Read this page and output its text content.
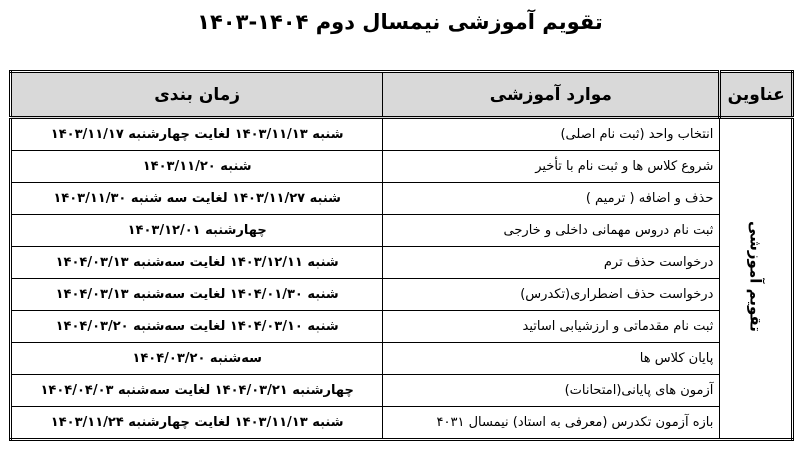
تقویم آموزشی نیمسال دوم ۱۴۰۴-۱۴۰۳
عناوین	موارد آموزشی	زمان بندی
تقویم آموزشی	انتخاب واحد (ثبت نام اصلی)	شنبه ۱۴۰۳/۱۱/۱۳ لغایت چهارشنبه ۱۴۰۳/۱۱/۱۷
	شروع کلاس ها و ثبت نام با تأخیر	شنبه ۱۴۰۳/۱۱/۲۰
	حذف و اضافه ( ترمیم )	شنبه ۱۴۰۳/۱۱/۲۷ لغایت سه شنبه ۱۴۰۳/۱۱/۳۰
	ثبت نام دروس مهمانی داخلی و خارجی	چهارشنبه ۱۴۰۳/۱۲/۰۱
	درخواست حذف ترم	شنبه ۱۴۰۳/۱۲/۱۱ لغایت سه‌شنبه ۱۴۰۴/۰۳/۱۳
	درخواست حذف اضطراری(تکدرس)	شنبه ۱۴۰۴/۰۱/۳۰ لغایت سه‌شنبه ۱۴۰۴/۰۳/۱۳
	ثبت نام مقدماتی و ارزشیابی اساتید	شنبه ۱۴۰۴/۰۳/۱۰ لغایت سه‌شنبه ۱۴۰۴/۰۳/۲۰
	پایان کلاس ها	سه‌شنبه ۱۴۰۴/۰۳/۲۰
	آزمون های پایانی(امتحانات)	چهارشنبه ۱۴۰۴/۰۳/۲۱ لغایت سه‌شنبه ۱۴۰۴/۰۴/۰۳
	بازه آزمون تکدرس (معرفی به استاد) نیمسال ۴۰۳۱	شنبه ۱۴۰۳/۱۱/۱۳ لغایت چهارشنبه ۱۴۰۳/۱۱/۲۴
